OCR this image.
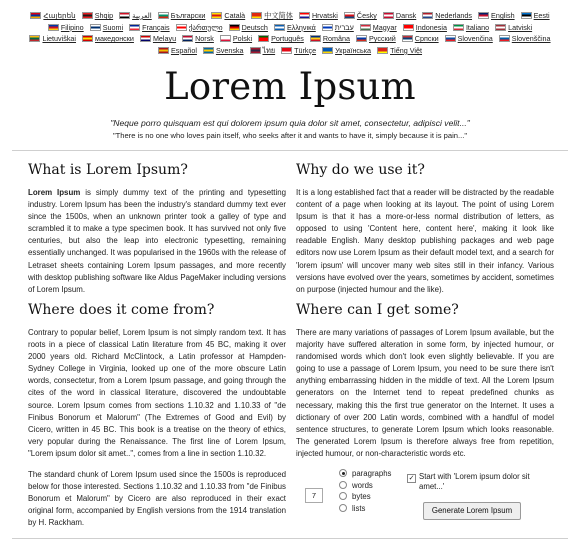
Հայերեն	Shqip	العربية	Български	Català	中文简体	Hrvatski	Česky	Dansk	Nederlands	English	Eesti Filipino	Suomi	Français	ქართული	Deutsch	Ελληνικά	עברית	Magyar	Indonesia	Italiano	Latviski Lietuviškai	македонски	Melayu	Norsk	Polski	Português	Româna	Pyccкий	Српски	Slovenčina	Slovenščina Español	Svenska	ไทย	Türkçe	Українська	Tiếng Việt
Lorem Ipsum
"Neque porro quisquam est qui dolorem ipsum quia dolor sit amet, consectetur, adipisci velit..."
"There is no one who loves pain itself, who seeks after it and wants to have it, simply because it is pain..."
What is Lorem Ipsum?

Lorem Ipsum is simply dummy text of the printing and typesetting industry. Lorem Ipsum has been the industry's standard dummy text ever since the 1500s, when an unknown printer took a galley of type and scrambled it to make a type specimen book. It has survived not only five centuries, but also the leap into electronic typesetting, remaining essentially unchanged. It was popularised in the 1960s with the release of Letraset sheets containing Lorem Ipsum passages, and more recently with desktop publishing software like Aldus PageMaker including versions of Lorem Ipsum.

Why do we use it?

It is a long established fact that a reader will be distracted by the readable content of a page when looking at its layout. The point of using Lorem Ipsum is that it has a more-or-less normal distribution of letters, as opposed to using 'Content here, content here', making it look like readable English. Many desktop publishing packages and web page editors now use Lorem Ipsum as their default model text, and a search for 'lorem ipsum' will uncover many web sites still in their infancy. Various versions have evolved over the years, sometimes by accident, sometimes on purpose (injected humour and the like).

Where does it come from?

Contrary to popular belief, Lorem Ipsum is not simply random text. It has roots in a piece of classical Latin literature from 45 BC, making it over 2000 years old. Richard McClintock, a Latin professor at Hampden-Sydney College in Virginia, looked up one of the more obscure Latin words, consectetur, from a Lorem Ipsum passage, and going through the cites of the word in classical literature, discovered the undoubtable source. Lorem Ipsum comes from sections 1.10.32 and 1.10.33 of "de Finibus Bonorum et Malorum" (The Extremes of Good and Evil) by Cicero, written in 45 BC. This book is a treatise on the theory of ethics, very popular during the Renaissance. The first line of Lorem Ipsum, "Lorem ipsum dolor sit amet..", comes from a line in section 1.10.32.

The standard chunk of Lorem Ipsum used since the 1500s is reproduced below for those interested. Sections 1.10.32 and 1.10.33 from "de Finibus Bonorum et Malorum" by Cicero are also reproduced in their exact original form, accompanied by English versions from the 1914 translation by H. Rackham.

Where can I get some?

There are many variations of passages of Lorem Ipsum available, but the majority have suffered alteration in some form, by injected humour, or randomised words which don't look even slightly believable. If you are going to use a passage of Lorem Ipsum, you need to be sure there isn't anything embarrassing hidden in the middle of text. All the Lorem Ipsum generators on the Internet tend to repeat predefined chunks as necessary, making this the first true generator on the Internet. It uses a dictionary of over 200 Latin words, combined with a handful of model sentence structures, to generate Lorem Ipsum which looks reasonable. The generated Lorem Ipsum is therefore always free from repetition, injected humour, or non-characteristic words etc.

7
paragraphs
words
bytes
lists
✓ Start with 'Lorem ipsum dolor sit amet...'
Generate Lorem Ipsum
